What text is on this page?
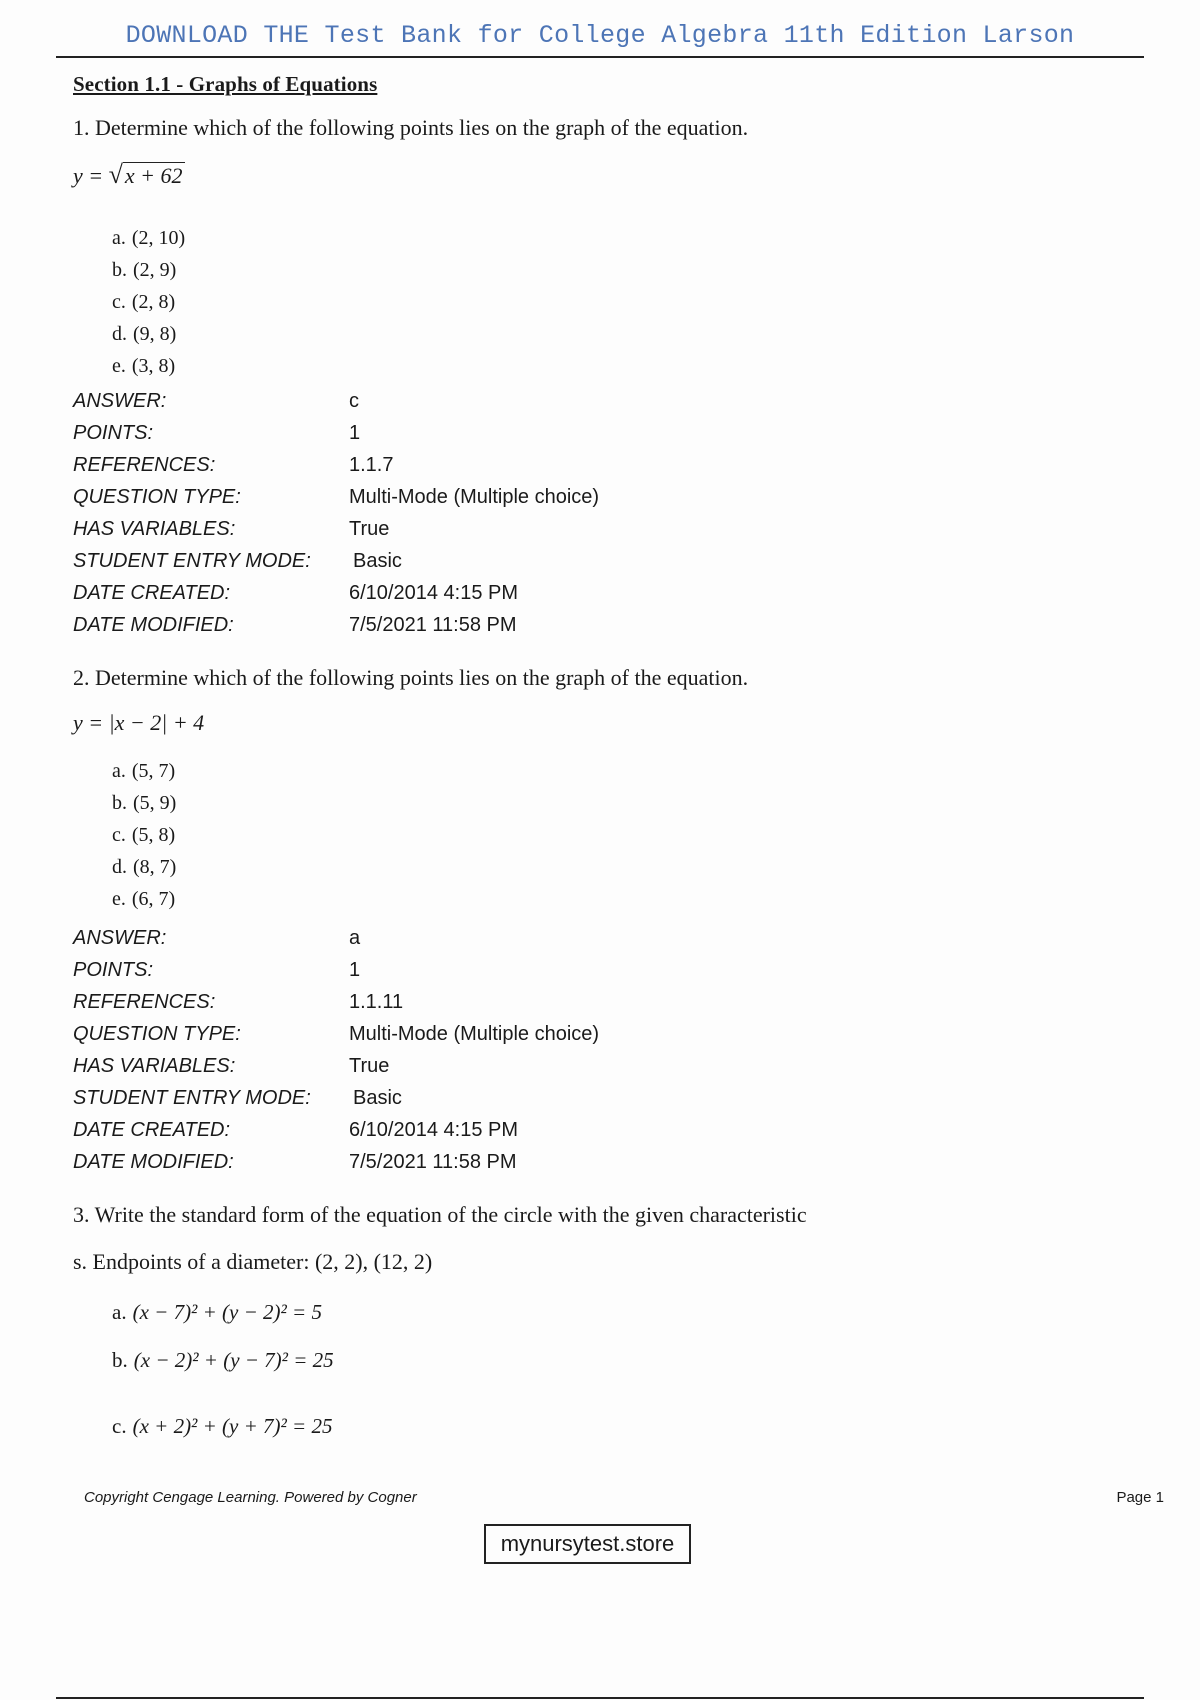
DOWNLOAD THE Test Bank for College Algebra 11th Edition Larson
Section 1.1 - Graphs of Equations
1. Determine which of the following points lies on the graph of the equation.
y = √x + 62
a. (2, 10)
b. (2, 9)
c. (2, 8)
d. (9, 8)
e. (3, 8)
ANSWER:	c
POINTS:	1
REFERENCES:	1.1.7
QUESTION TYPE:	Multi-Mode (Multiple choice)
HAS VARIABLES:	True
STUDENT ENTRY MODE:	Basic
DATE CREATED:	6/10/2014 4:15 PM
DATE MODIFIED:	7/5/2021 11:58 PM
2. Determine which of the following points lies on the graph of the equation.
y = |x − 2| + 4
a. (5, 7)
b. (5, 9)
c. (5, 8)
d. (8, 7)
e. (6, 7)
ANSWER:	a
POINTS:	1
REFERENCES:	1.1.11
QUESTION TYPE:	Multi-Mode (Multiple choice)
HAS VARIABLES:	True
STUDENT ENTRY MODE:	Basic
DATE CREATED:	6/10/2014 4:15 PM
DATE MODIFIED:	7/5/2021 11:58 PM
3. Write the standard form of the equation of the circle with the given characteristic
s. Endpoints of a diameter: (2, 2), (12, 2)
a. (x − 7)² + (y − 2)² = 5
b. (x − 2)² + (y − 7)² = 25
c. (x + 2)² + (y + 7)² = 25
Copyright Cengage Learning. Powered by Cogner	Page 1
mynursytest.store
